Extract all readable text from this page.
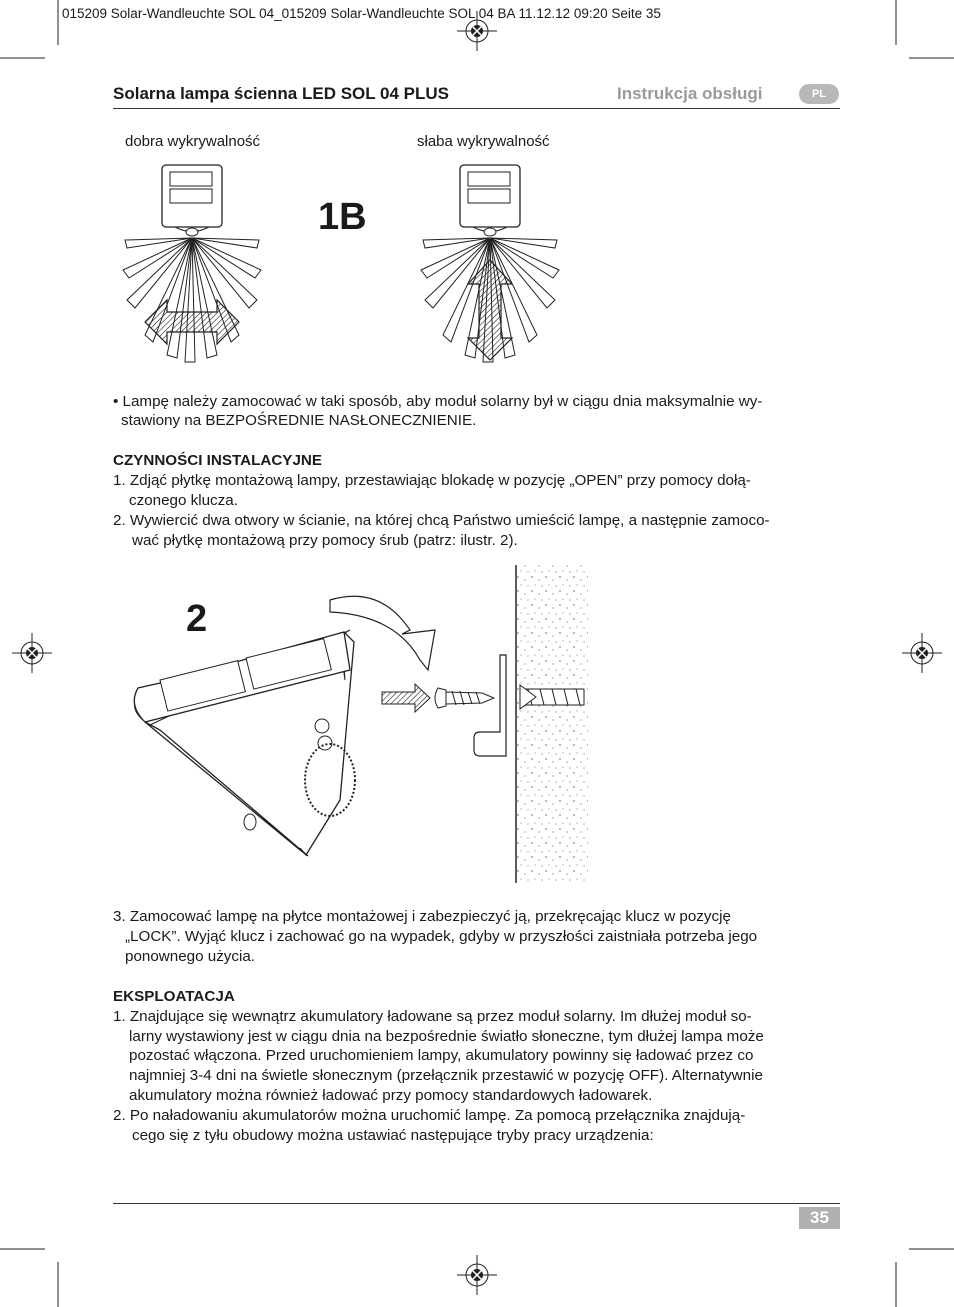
015209 Solar-Wandleuchte SOL 04_015209 Solar-Wandleuchte SOL 04 BA 11.12.12 09:20 Seite 35
Solarna lampa ścienna LED SOL 04 PLUS	Instrukcja obsługi	PL
dobra wykrywalność	słaba wykrywalność
1B
• Lampę należy zamocować w taki sposób, aby moduł solarny był w ciągu dnia maksymalnie wy-
stawiony na BEZPOŚREDNIE NASŁONECZNIENIE.
CZYNNOŚCI INSTALACYJNE
1. Zdjąć płytkę montażową lampy, przestawiając blokadę w pozycję „OPEN” przy pomocy dołą-
czonego klucza.
2. Wywiercić dwa otwory w ścianie, na której chcą Państwo umieścić lampę, a następnie zamoco-
wać płytkę montażową przy pomocy śrub (patrz: ilustr. 2).
2
3. Zamocować lampę na płytce montażowej i zabezpieczyć ją, przekręcając klucz w pozycję
„LOCK”. Wyjąć klucz i zachować go na wypadek, gdyby w przyszłości zaistniała potrzeba jego
ponownego użycia.
EKSPLOATACJA
1. Znajdujące się wewnątrz akumulatory ładowane są przez moduł solarny. Im dłużej moduł so-
larny wystawiony jest w ciągu dnia na bezpośrednie światło słoneczne, tym dłużej lampa może
pozostać włączona. Przed uruchomieniem lampy, akumulatory powinny się ładować przez co
najmniej 3-4 dni na świetle słonecznym (przełącznik przestawić w pozycję OFF). Alternatywnie
akumulatory można również ładować przy pomocy standardowych ładowarek.
2. Po naładowaniu akumulatorów można uruchomić lampę. Za pomocą przełącznika znajdują-
cego się z tyłu obudowy można ustawiać następujące tryby pracy urządzenia:
35
